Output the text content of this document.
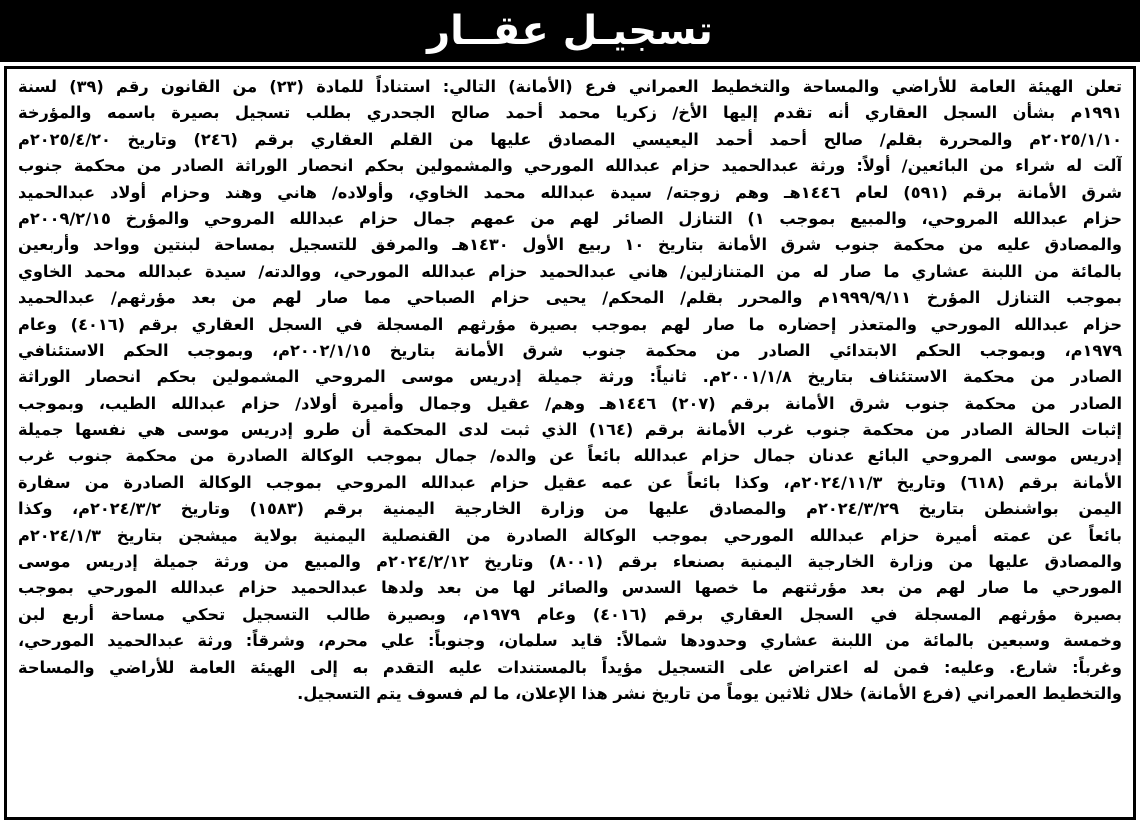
تسجيـل عقــار
تعلن الهيئة العامة للأراضي والمساحة والتخطيط العمراني فرع (الأمانة) التالي: استناداً للمادة (٢٣) من القانون رقم (٣٩) لسنة
١٩٩١م بشأن السجل العقاري أنه تقدم إليها الأخ/ زكريا محمد أحمد صالح الجحدري بطلب تسجيل بصيرة باسمه والمؤرخة
٢٠٢٥/١/١٠م والمحررة بقلم/ صالح أحمد أحمد اليعيسي المصادق عليها من القلم العقاري برقم (٢٤٦) وتاريخ ٢٠٢٥/٤/٢٠م
آلت له شراء من البائعين/ أولاً: ورثة عبدالحميد حزام عبدالله المورحي والمشمولين بحكم انحصار الوراثة الصادر من محكمة جنوب
شرق الأمانة برقم (٥٩١) لعام ١٤٤٦هـ وهم زوجته/ سيدة عبدالله محمد الخاوي، وأولاده/ هاني وهند وحزام أولاد عبدالحميد
حزام عبدالله المروحي، والمبيع بموجب ١) التنازل الصائر لهم من عمهم جمال حزام عبدالله المروحي والمؤرخ ٢٠٠٩/٢/١٥م
والمصادق عليه من محكمة جنوب شرق الأمانة بتاريخ ١٠ ربيع الأول ١٤٣٠هـ والمرفق للتسجيل بمساحة لبنتين وواحد وأربعين
بالمائة من اللبنة عشاري ما صار له من المتنازلين/ هاني عبدالحميد حزام عبدالله المورحي، ووالدته/ سيدة عبدالله محمد الخاوي
بموجب التنازل المؤرخ ١٩٩٩/٩/١١م والمحرر بقلم/ المحكم/ يحيى حزام الصباحي مما صار لهم من بعد مؤرثهم/ عبدالحميد
حزام عبدالله المورحي والمتعذر إحضاره ما صار لهم بموجب بصيرة مؤرثهم المسجلة في السجل العقاري برقم (٤٠١٦) وعام
١٩٧٩م، وبموجب الحكم الابتدائي الصادر من محكمة جنوب شرق الأمانة بتاريخ ٢٠٠٢/١/١٥م، وبموجب الحكم الاستئنافي
الصادر من محكمة الاستئناف بتاريخ ٢٠٠١/١/٨م. ثانياً: ورثة جميلة إدريس موسى المروحي المشمولين بحكم انحصار الوراثة
الصادر من محكمة جنوب شرق الأمانة برقم (٢٠٧) ١٤٤٦هـ وهم/ عقيل وجمال وأميرة أولاد/ حزام عبدالله الطيب، وبموجب
إثبات الحالة الصادر من محكمة جنوب غرب الأمانة برقم (١٦٤) الذي ثبت لدى المحكمة أن طرو إدريس موسى هي نفسها جميلة
إدريس موسى المروحي البائع عدنان جمال حزام عبدالله بائعاً عن والده/ جمال بموجب الوكالة الصادرة من محكمة جنوب غرب
الأمانة برقم (٦١٨) وتاريخ ٢٠٢٤/١١/٣م، وكذا بائعاً عن عمه عقيل حزام عبدالله المروحي بموجب الوكالة الصادرة من سفارة
اليمن بواشنطن بتاريخ ٢٠٢٤/٣/٢٩م والمصادق عليها من وزارة الخارجية اليمنية برقم (١٥٨٣) وتاريخ ٢٠٢٤/٣/٢م، وكذا
بائعاً عن عمته أميرة حزام عبدالله المورحي بموجب الوكالة الصادرة من القنصلية اليمنية بولاية ميشجن بتاريخ ٢٠٢٤/١/٣م
والمصادق عليها من وزارة الخارجية اليمنية بصنعاء برقم (٨٠٠١) وتاريخ ٢٠٢٤/٢/١٢م والمبيع من ورثة جميلة إدريس موسى
المورحي ما صار لهم من بعد مؤرثتهم ما خصها السدس والصائر لها من بعد ولدها عبدالحميد حزام عبدالله المورحي بموجب
بصيرة مؤرثهم المسجلة في السجل العقاري برقم (٤٠١٦) وعام ١٩٧٩م، وبصيرة طالب التسجيل تحكي مساحة أربع لبن
وخمسة وسبعين بالمائة من اللبنة عشاري وحدودها شمالاً: قايد سلمان، وجنوباً: علي محرم، وشرقاً: ورثة عبدالحميد المورحي،
وغرباً: شارع. وعليه: فمن له اعتراض على التسجيل مؤيداً بالمستندات عليه التقدم به إلى الهيئة العامة للأراضي والمساحة
والتخطيط العمراني (فرع الأمانة) خلال ثلاثين يوماً من تاريخ نشر هذا الإعلان، ما لم فسوف يتم التسجيل.
